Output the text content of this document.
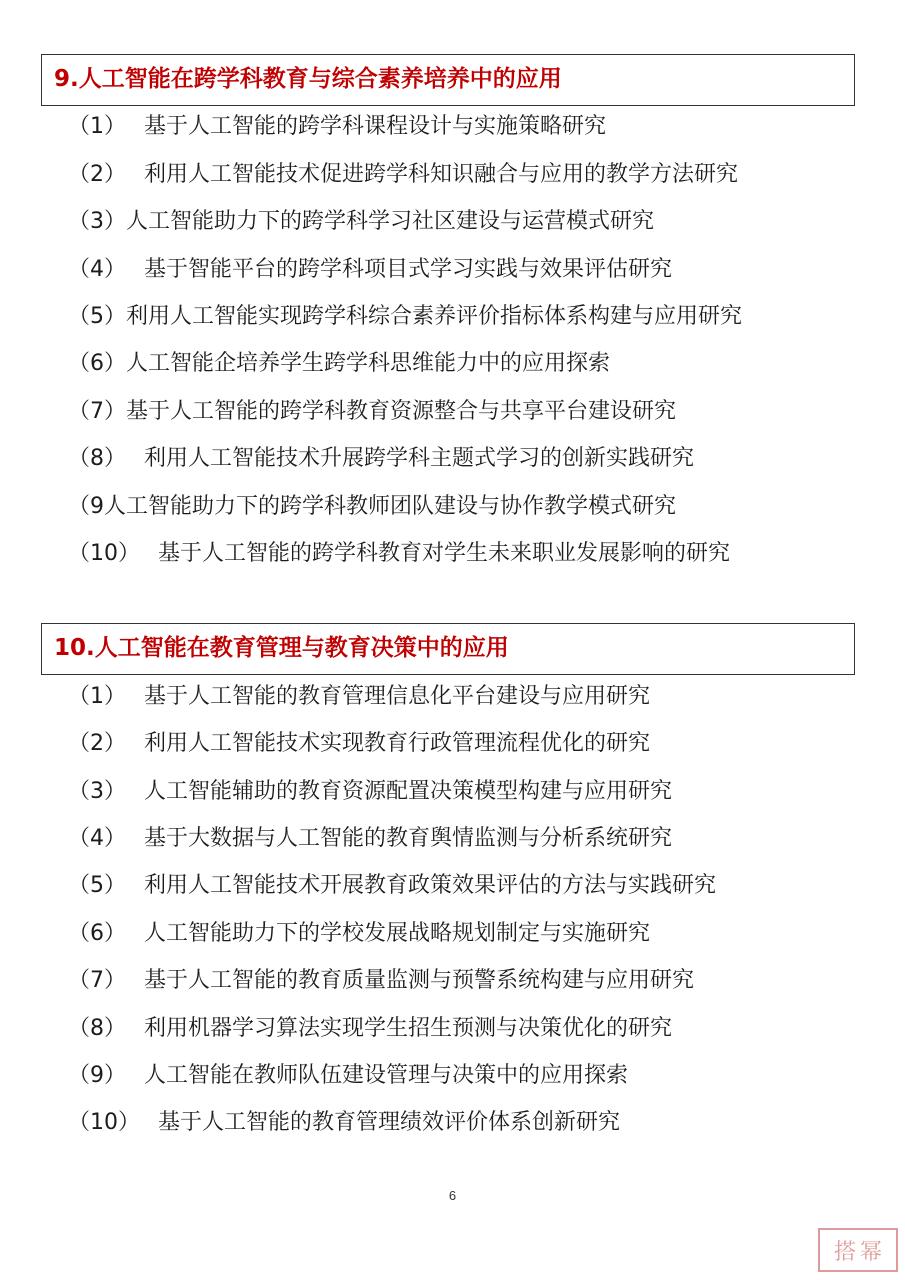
9.人工智能在跨学科教育与综合素养培养中的应用
（1） 基于人工智能的跨学科课程设计与实施策略研究
（2） 利用人工智能技术促进跨学科知识融合与应用的教学方法研究
（3）人工智能助力下的跨学科学习社区建设与运营模式研究
（4） 基于智能平台的跨学科项目式学习实践与效果评估研究
（5）利用人工智能实现跨学科综合素养评价指标体系构建与应用研究
（6）人工智能企培养学生跨学科思维能力中的应用探索
（7）基于人工智能的跨学科教育资源整合与共享平台建设研究
（8） 利用人工智能技术升展跨学科主题式学习的创新实践研究
（9人工智能助力下的跨学科教师团队建设与协作教学模式研究
（10） 基于人工智能的跨学科教育对学生未来职业发展影响的研究
10.人工智能在教育管理与教育决策中的应用
（1） 基于人工智能的教育管理信息化平台建设与应用研究
（2） 利用人工智能技术实现教育行政管理流程优化的研究
（3） 人工智能辅助的教育资源配置决策模型构建与应用研究
（4） 基于大数据与人工智能的教育舆情监测与分析系统研究
（5） 利用人工智能技术开展教育政策效果评估的方法与实践研究
（6） 人工智能助力下的学校发展战略规划制定与实施研究
（7） 基于人工智能的教育质量监测与预警系统构建与应用研究
（8） 利用机器学习算法实现学生招生预测与决策优化的研究
（9） 人工智能在教师队伍建设管理与决策中的应用探索
（10） 基于人工智能的教育管理绩效评价体系创新研究
6
搭 幂
